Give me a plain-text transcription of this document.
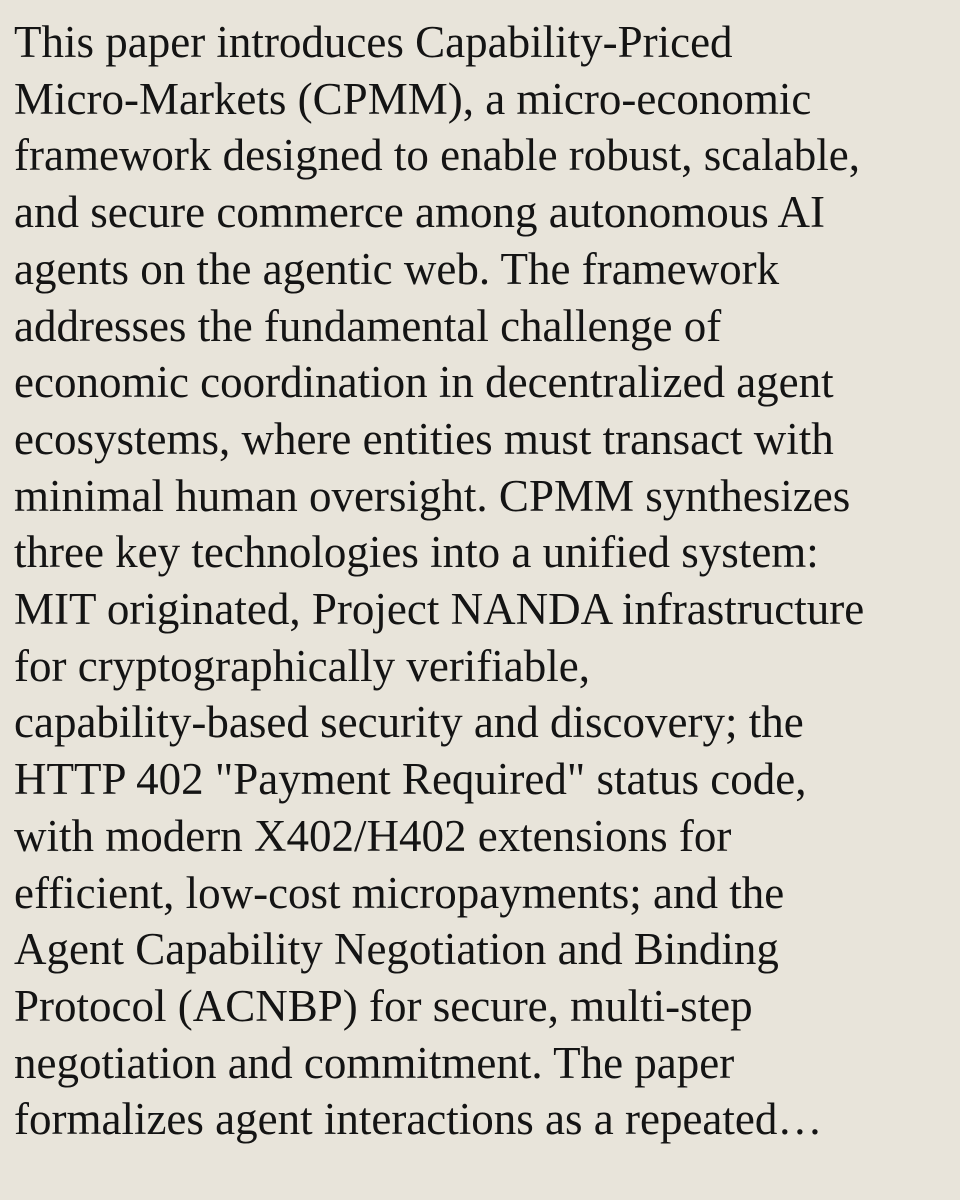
This paper introduces Capability-Priced
Micro-Markets (CPMM), a micro-economic
framework designed to enable robust, scalable,
and secure commerce among autonomous AI
agents on the agentic web. The framework
addresses the fundamental challenge of
economic coordination in decentralized agent
ecosystems, where entities must transact with
minimal human oversight. CPMM synthesizes
three key technologies into a unified system:
MIT originated, Project NANDA infrastructure
for cryptographically verifiable,
capability-based security and discovery; the
HTTP 402 "Payment Required" status code,
with modern X402/H402 extensions for
efficient, low-cost micropayments; and the
Agent Capability Negotiation and Binding
Protocol (ACNBP) for secure, multi-step
negotiation and commitment. The paper
formalizes agent interactions as a repeated…
